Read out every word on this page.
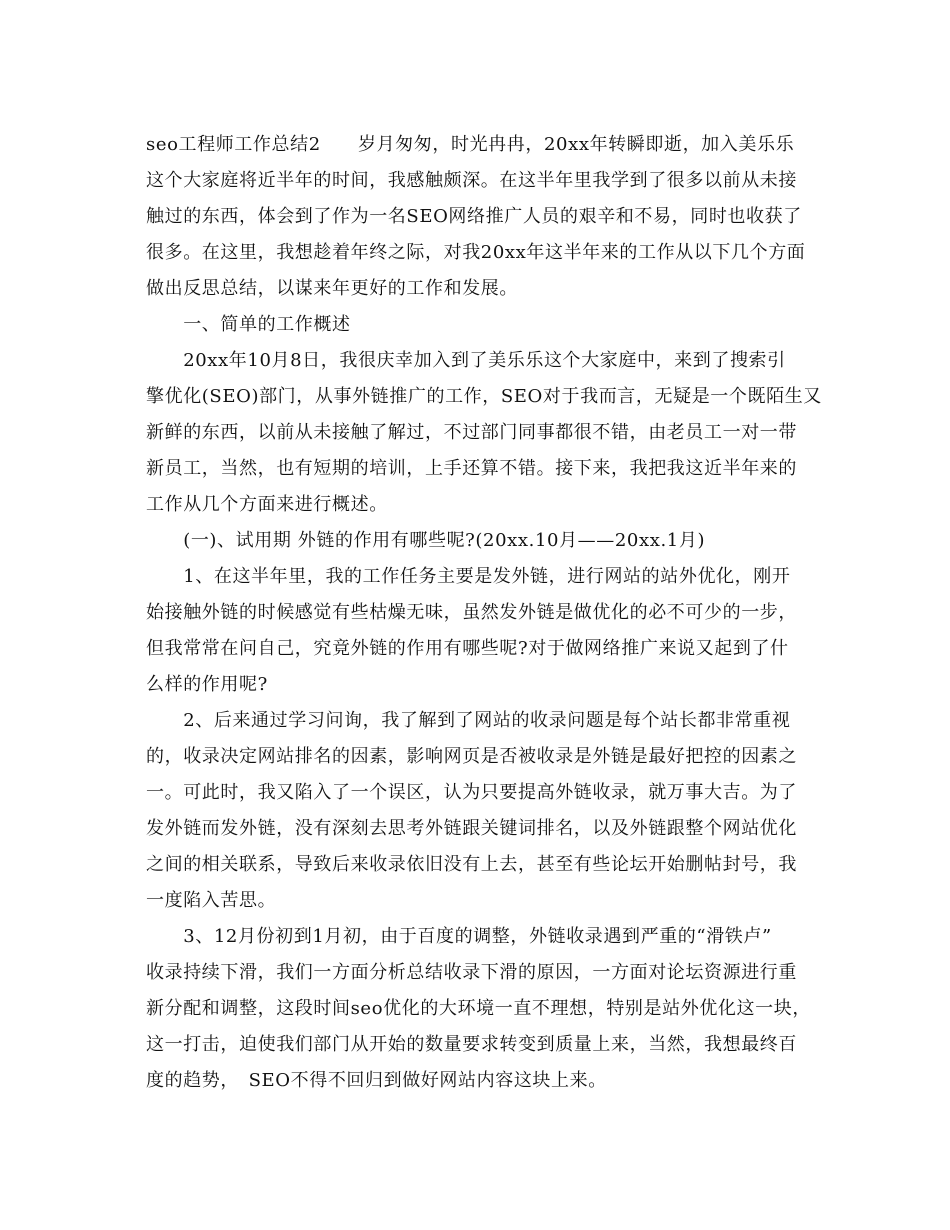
seo工程师工作总结2　　岁月匆匆，时光冉冉，20xx年转瞬即逝，加入美乐乐
这个大家庭将近半年的时间，我感触颇深。在这半年里我学到了很多以前从未接
触过的东西，体会到了作为一名SEO网络推广人员的艰辛和不易，同时也收获了
很多。在这里，我想趁着年终之际，对我20xx年这半年来的工作从以下几个方面
做出反思总结，以谋来年更好的工作和发展。
　　一、简单的工作概述
　　20xx年10月8日，我很庆幸加入到了美乐乐这个大家庭中，来到了搜索引
擎优化(SEO)部门，从事外链推广的工作，SEO对于我而言，无疑是一个既陌生又
新鲜的东西，以前从未接触了解过，不过部门同事都很不错，由老员工一对一带
新员工，当然，也有短期的培训，上手还算不错。接下来，我把我这近半年来的
工作从几个方面来进行概述。
　　(一)、试用期 外链的作用有哪些呢?(20xx.10月——20xx.1月)
　　1、在这半年里，我的工作任务主要是发外链，进行网站的站外优化，刚开
始接触外链的时候感觉有些枯燥无味，虽然发外链是做优化的必不可少的一步，
但我常常在问自己，究竟外链的作用有哪些呢?对于做网络推广来说又起到了什
么样的作用呢?
　　2、后来通过学习问询，我了解到了网站的收录问题是每个站长都非常重视
的，收录决定网站排名的因素，影响网页是否被收录是外链是最好把控的因素之
一。可此时，我又陷入了一个误区，认为只要提高外链收录，就万事大吉。为了
发外链而发外链，没有深刻去思考外链跟关键词排名，以及外链跟整个网站优化
之间的相关联系，导致后来收录依旧没有上去，甚至有些论坛开始删帖封号，我
一度陷入苦思。
　　3、12月份初到1月初，由于百度的调整，外链收录遇到严重的“滑铁卢”
收录持续下滑，我们一方面分析总结收录下滑的原因，一方面对论坛资源进行重
新分配和调整，这段时间seo优化的大环境一直不理想，特别是站外优化这一块，
这一打击，迫使我们部门从开始的数量要求转变到质量上来，当然，我想最终百
度的趋势，　SEO不得不回归到做好网站内容这块上来。
